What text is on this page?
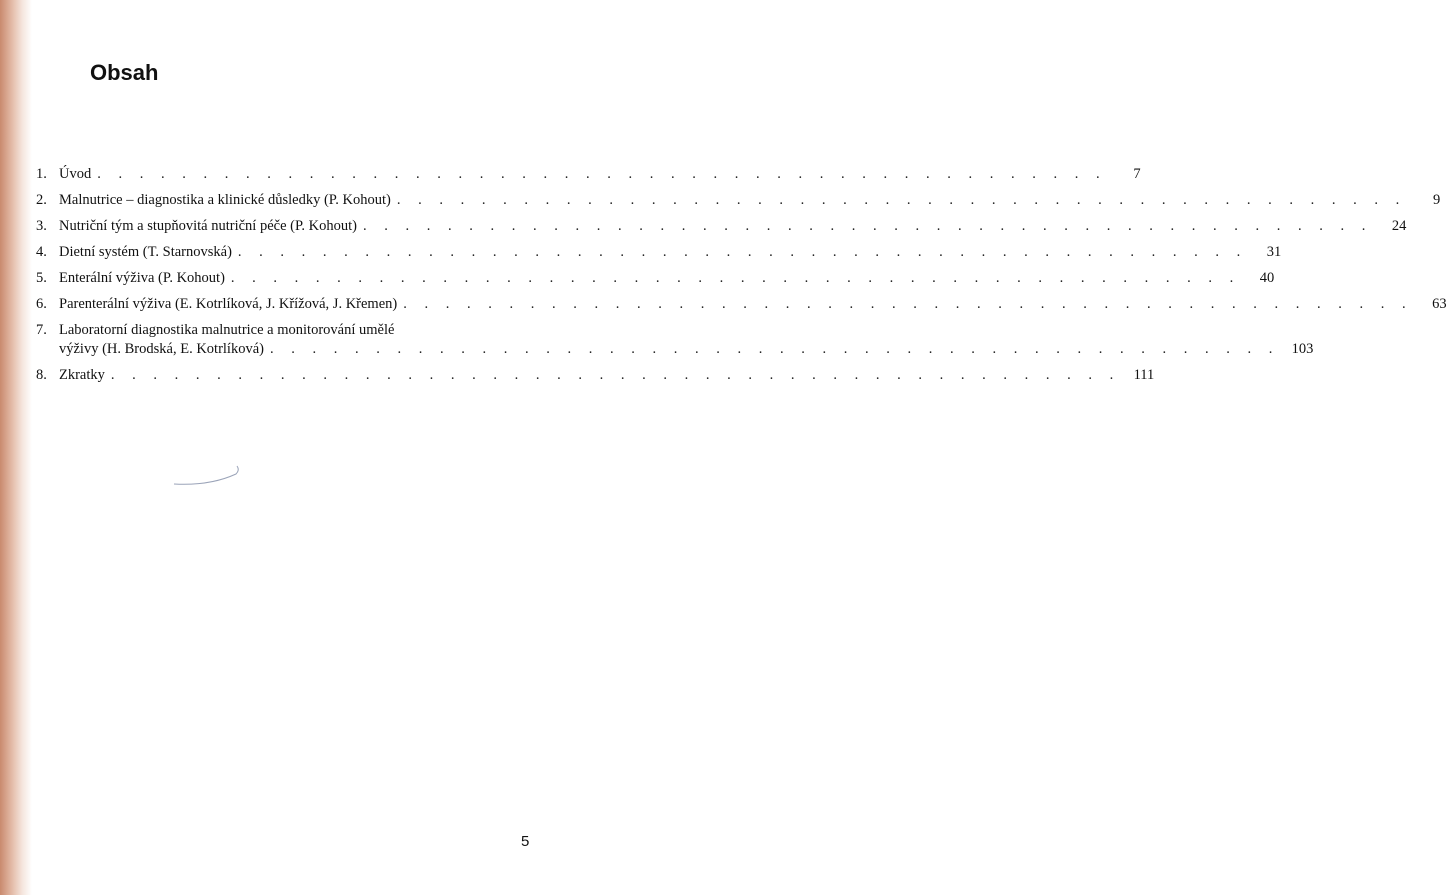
Obsah
1. Úvod . . . . . . . . . . . . . . . . . . . . . . . . . . . . . . . . . . . . . . . . . . . . . . . .	7
2. Malnutrice – diagnostika a klinické důsledky (P. Kohout) . . . . . . . . . . . . . . . . . . . . . . . . . . . . . . . . . . . . . . . . . . . . . . . .	9
3. Nutriční tým a stupňovitá nutriční péče (P. Kohout) . . . . . . . . . . . . . . . . . . . . . . . . . . . . . . . . . . . . . . . . . . . . . . . .	24
4. Dietní systém (T. Starnovská) . . . . . . . . . . . . . . . . . . . . . . . . . . . . . . . . . . . . . . . . . . . . . . . .	31
5. Enterální výživa (P. Kohout) . . . . . . . . . . . . . . . . . . . . . . . . . . . . . . . . . . . . . . . . . . . . . . . .	40
6. Parenterální výživa (E. Kotrlíková, J. Křížová, J. Křemen) . . . . . . . . . . . . . . . . . . . . . . . . . . . . . . . . . . . . . . . . . . . . . . . .	63
7. Laboratorní diagnostika malnutrice a monitorování umělé
výživy (H. Brodská, E. Kotrlíková) . . . . . . . . . . . . . . . . . . . . . . . . . . . . . . . . . . . . . . . . . . . . . . . . 103
8. Zkratky . . . . . . . . . . . . . . . . . . . . . . . . . . . . . . . . . . . . . . . . . . . . . . . . 111
5
